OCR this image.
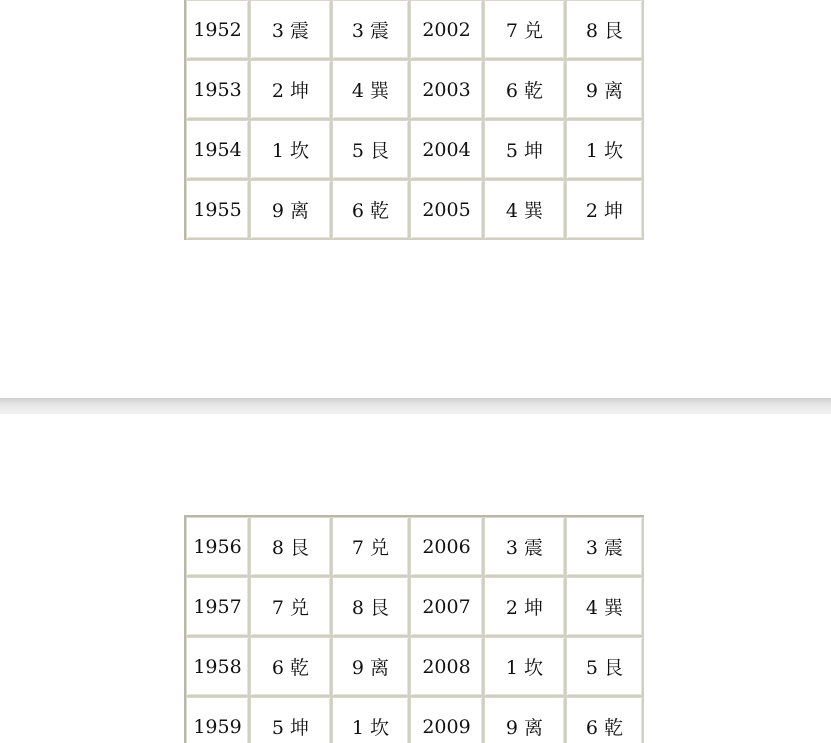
1952	3 震	3 震	2002	7 兑	8 艮
1953	2 坤	4 巽	2003	6 乾	9 离
1954	1 坎	5 艮	2004	5 坤	1 坎
1955	9 离	6 乾	2005	4 巽	2 坤
1956	8 艮	7 兑	2006	3 震	3 震
1957	7 兑	8 艮	2007	2 坤	4 巽
1958	6 乾	9 离	2008	1 坎	5 艮
1959	5 坤	1 坎	2009	9 离	6 乾
